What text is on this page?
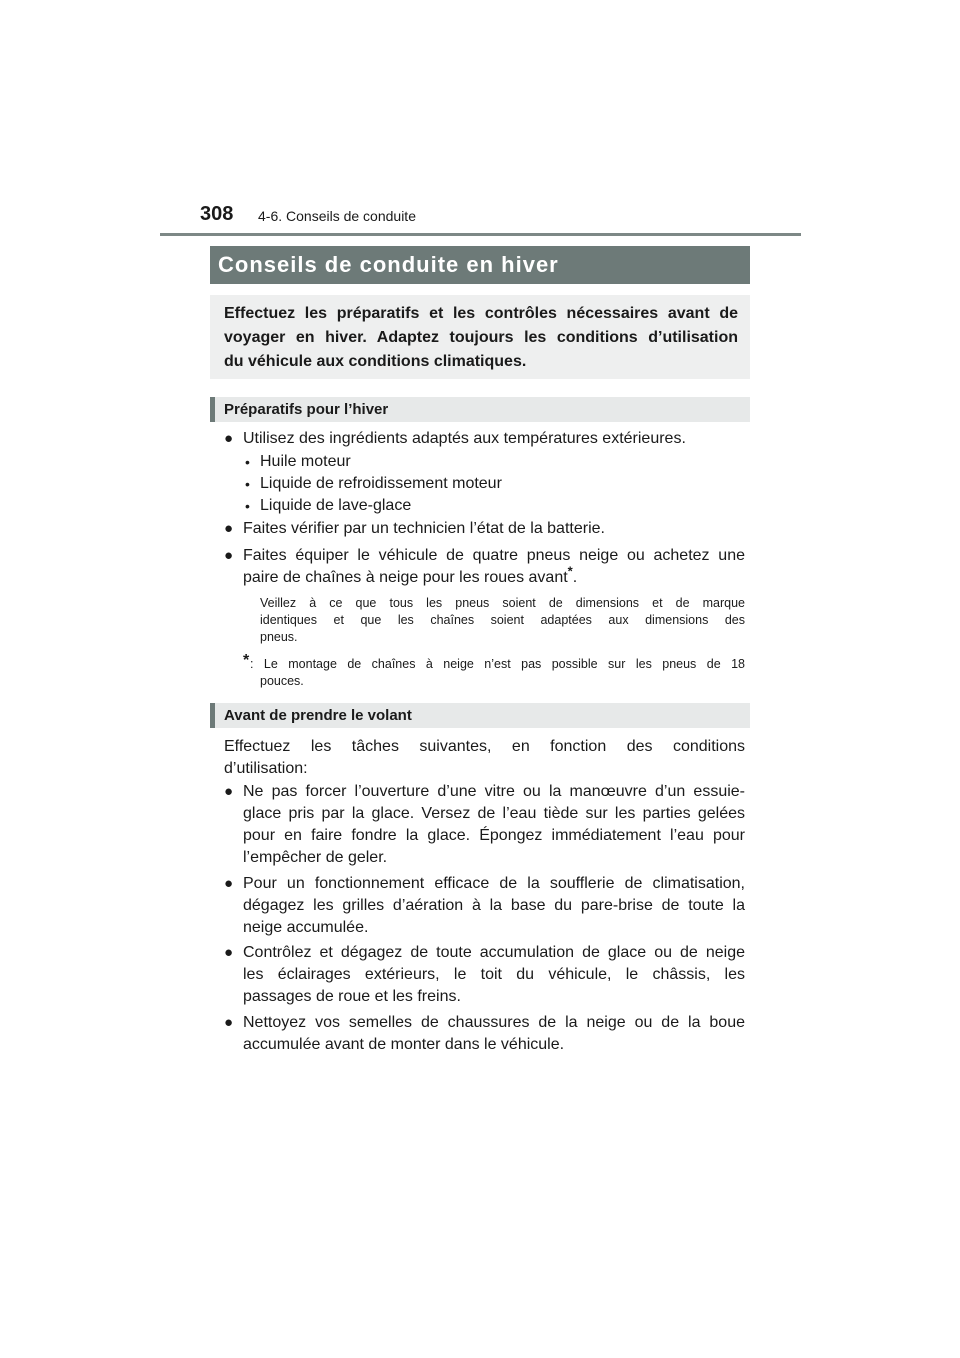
308 4-6. Conseils de conduite
Conseils de conduite en hiver
Effectuez les préparatifs et les contrôles nécessaires avant de
voyager en hiver. Adaptez toujours les conditions d’utilisation
du véhicule aux conditions climatiques.
Préparatifs pour l’hiver
● Utilisez des ingrédients adaptés aux températures extérieures.
• Huile moteur
• Liquide de refroidissement moteur
• Liquide de lave-glace
● Faites vérifier par un technicien l’état de la batterie.
● Faites équiper le véhicule de quatre pneus neige ou achetez une
paire de chaînes à neige pour les roues avant*.
Veillez à ce que tous les pneus soient de dimensions et de marque
identiques et que les chaînes soient adaptées aux dimensions des
pneus.
* : Le montage de chaînes à neige n’est pas possible sur les pneus de 18
pouces.
Avant de prendre le volant
Effectuez les tâches suivantes, en fonction des conditions
d’utilisation:
● Ne pas forcer l’ouverture d’une vitre ou la manœuvre d’un essuie-
glace pris par la glace. Versez de l’eau tiède sur les parties gelées
pour en faire fondre la glace. Épongez immédiatement l’eau pour
l’empêcher de geler.
● Pour un fonctionnement efficace de la soufflerie de climatisation,
dégagez les grilles d’aération à la base du pare-brise de toute la
neige accumulée.
● Contrôlez et dégagez de toute accumulation de glace ou de neige
les éclairages extérieurs, le toit du véhicule, le châssis, les
passages de roue et les freins.
● Nettoyez vos semelles de chaussures de la neige ou de la boue
accumulée avant de monter dans le véhicule.
